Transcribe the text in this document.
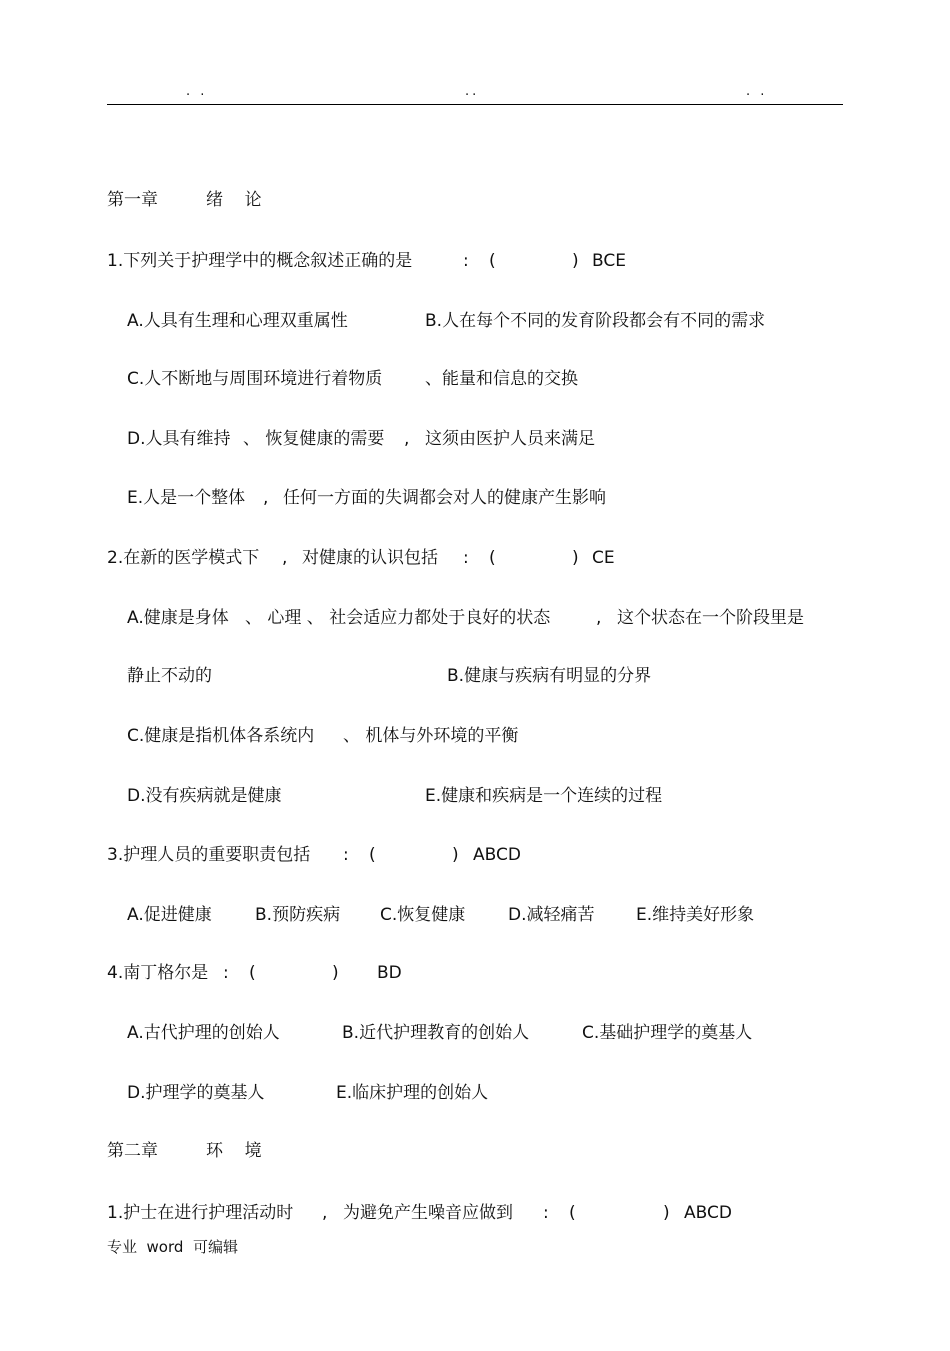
. .	..	. .
第一章	绪    论
1.下列关于护理学中的概念叙述正确的是	: (	) BCE
A.人具有生理和心理双重属性	B.人在每个不同的发育阶段都会有不同的需求
C.人不断地与周围环境进行着物质	、能量和信息的交换
D.人具有维持 、 恢复健康的需要 , 这须由医护人员来满足
E.人是一个整体 , 任何一方面的失调都会对人的健康产生影响
2.在新的医学模式下 , 对健康的认识包括 : (	) CE
A.健康是身体 、 心理 、 社会适应力都处于良好的状态	, 这个状态在一个阶段里是
静止不动的	B.健康与疾病有明显的分界
C.健康是指机体各系统内 、 机体与外环境的平衡
D.没有疾病就是健康	E.健康和疾病是一个连续的过程
3.护理人员的重要职责包括 : (	) ABCD
A.促进健康	B.预防疾病 C.恢复健康	D.减轻痛苦 E.维持美好形象
4.南丁格尔是 : (	) BD
A.古代护理的创始人	B.近代护理教育的创始人	C.基础护理学的奠基人
D.护理学的奠基人	E.临床护理的创始人
第二章	环    境
1.护士在进行护理活动时 , 为避免产生噪音应做到 : (	) ABCD
专业  word  可编辑
